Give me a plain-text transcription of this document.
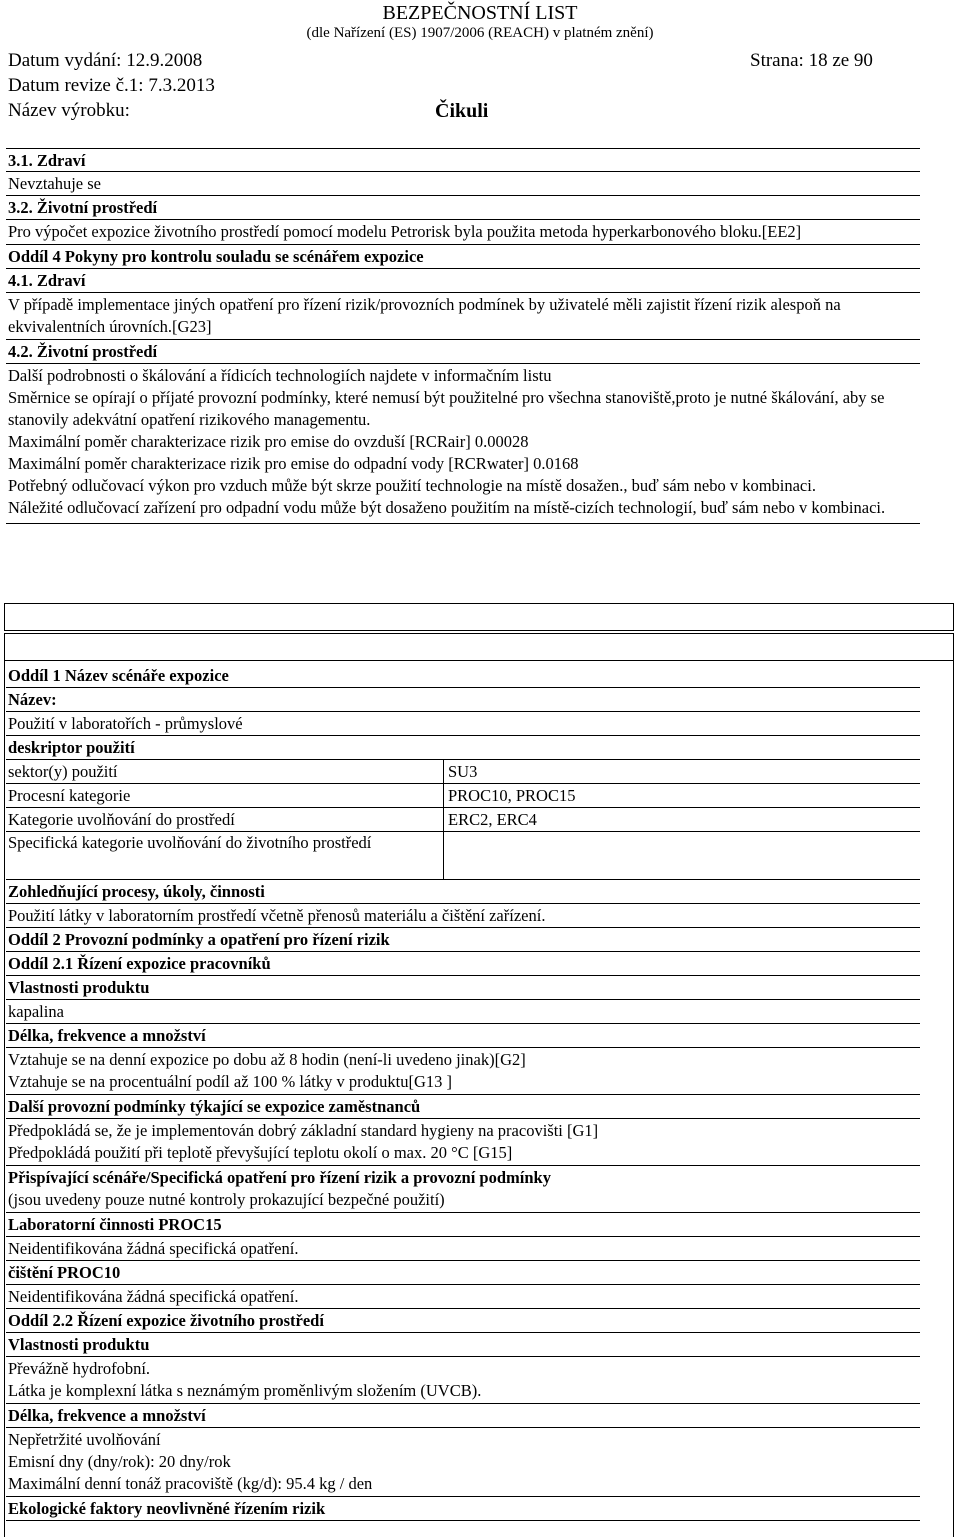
BEZPEČNOSTNÍ LIST
(dle Nařízení (ES) 1907/2006 (REACH) v platném znění)
Datum vydání: 12.9.2008	Strana: 18 ze 90
Datum revize č.1: 7.3.2013
Název výrobku:	Čikuli
3.1. Zdraví
Nevztahuje se
3.2. Životní prostředí
Pro výpočet expozice životního prostředí pomocí modelu Petrorisk byla použita metoda hyperkarbonového bloku.[EE2]
Oddíl 4 Pokyny pro kontrolu souladu se scénářem expozice
4.1. Zdraví
V případě implementace jiných opatření pro řízení rizik/provozních podmínek by uživatelé měli zajistit řízení rizik alespoň na ekvivalentních úrovních.[G23]
4.2. Životní prostředí
Další podrobnosti o škálování a řídicích technologiích najdete v informačním listu
Směrnice se opírají o příjaté provozní podmínky, které nemusí být použitelné pro všechna stanoviště,proto je nutné škálování, aby se stanovily adekvátní opatření rizikového managementu.
Maximální poměr charakterizace rizik pro emise do ovzduší [RCRair] 0.00028
Maximální poměr charakterizace rizik pro emise do odpadní vody [RCRwater] 0.0168
Potřebný odlučovací výkon pro vzduch může být skrze použití technologie na místě dosažen., buď sám nebo v kombinaci.
Náležité odlučovací zařízení pro odpadní vodu může být dosaženo použitím na místě-cizích technologií, buď sám nebo v kombinaci.
Oddíl 1 Název scénáře expozice
Název:
Použití v laboratořích - průmyslové
deskriptor použití
sektor(y) použití	SU3
Procesní kategorie	PROC10, PROC15
Kategorie uvolňování do prostředí	ERC2, ERC4
Specifická kategorie uvolňování do životního prostředí
Zohledňující procesy, úkoly, činnosti
Použití látky v laboratorním prostředí včetně přenosů materiálu a čištění zařízení.
Oddíl 2 Provozní podmínky a opatření pro řízení rizik
Oddíl 2.1 Řízení expozice pracovníků
Vlastnosti produktu
kapalina
Délka, frekvence a množství
Vztahuje se na denní expozice po dobu až 8 hodin (není-li uvedeno jinak)[G2]
Vztahuje se na procentuální podíl až 100 % látky v produktu[G13 ]
Další provozní podmínky týkající se expozice zaměstnanců
Předpokládá se, že je implementován dobrý základní standard hygieny na pracovišti [G1]
Předpokládá použití při teplotě převyšující teplotu okolí o max. 20 °C [G15]
Přispívající scénáře/Specifická opatření pro řízení rizik a provozní podmínky
(jsou uvedeny pouze nutné kontroly prokazující bezpečné použití)
Laboratorní činnosti PROC15
Neidentifikována žádná specifická opatření.
čištění PROC10
Neidentifikována žádná specifická opatření.
Oddíl 2.2 Řízení expozice životního prostředí
Vlastnosti produktu
Převážně hydrofobní.
Látka je komplexní látka s neznámým proměnlivým složením (UVCB).
Délka, frekvence a množství
Nepřetržité uvolňování
Emisní dny (dny/rok): 20 dny/rok
Maximální denní tonáž pracoviště (kg/d): 95.4 kg / den
Ekologické faktory neovlivněné řízením rizik
